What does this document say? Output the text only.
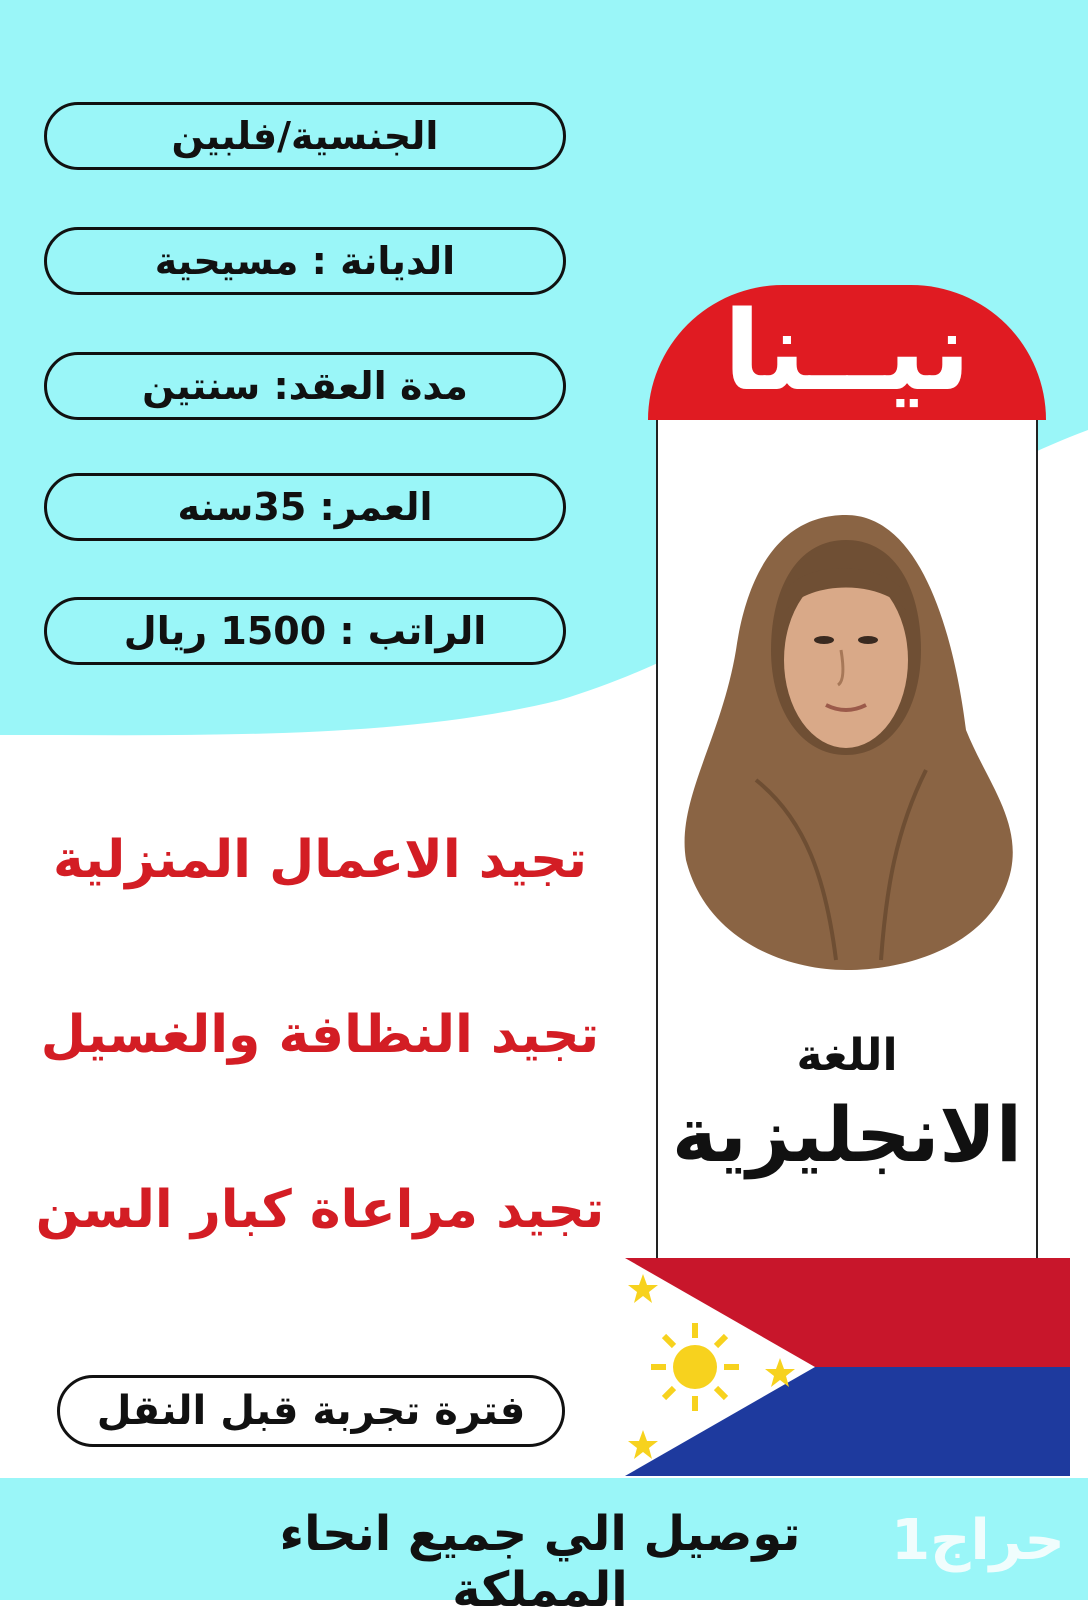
الجنسية/فلبين
الديانة : مسيحية
مدة العقد: سنتين
العمر: 35سنه
الراتب : 1500 ريال
تجيد الاعمال المنزلية
تجيد النظافة والغسيل
تجيد مراعاة كبار السن
نيــنا
اللغة
الانجليزية
فترة تجربة قبل النقل
توصيل الي جميع انحاء المملكة
حراج1
